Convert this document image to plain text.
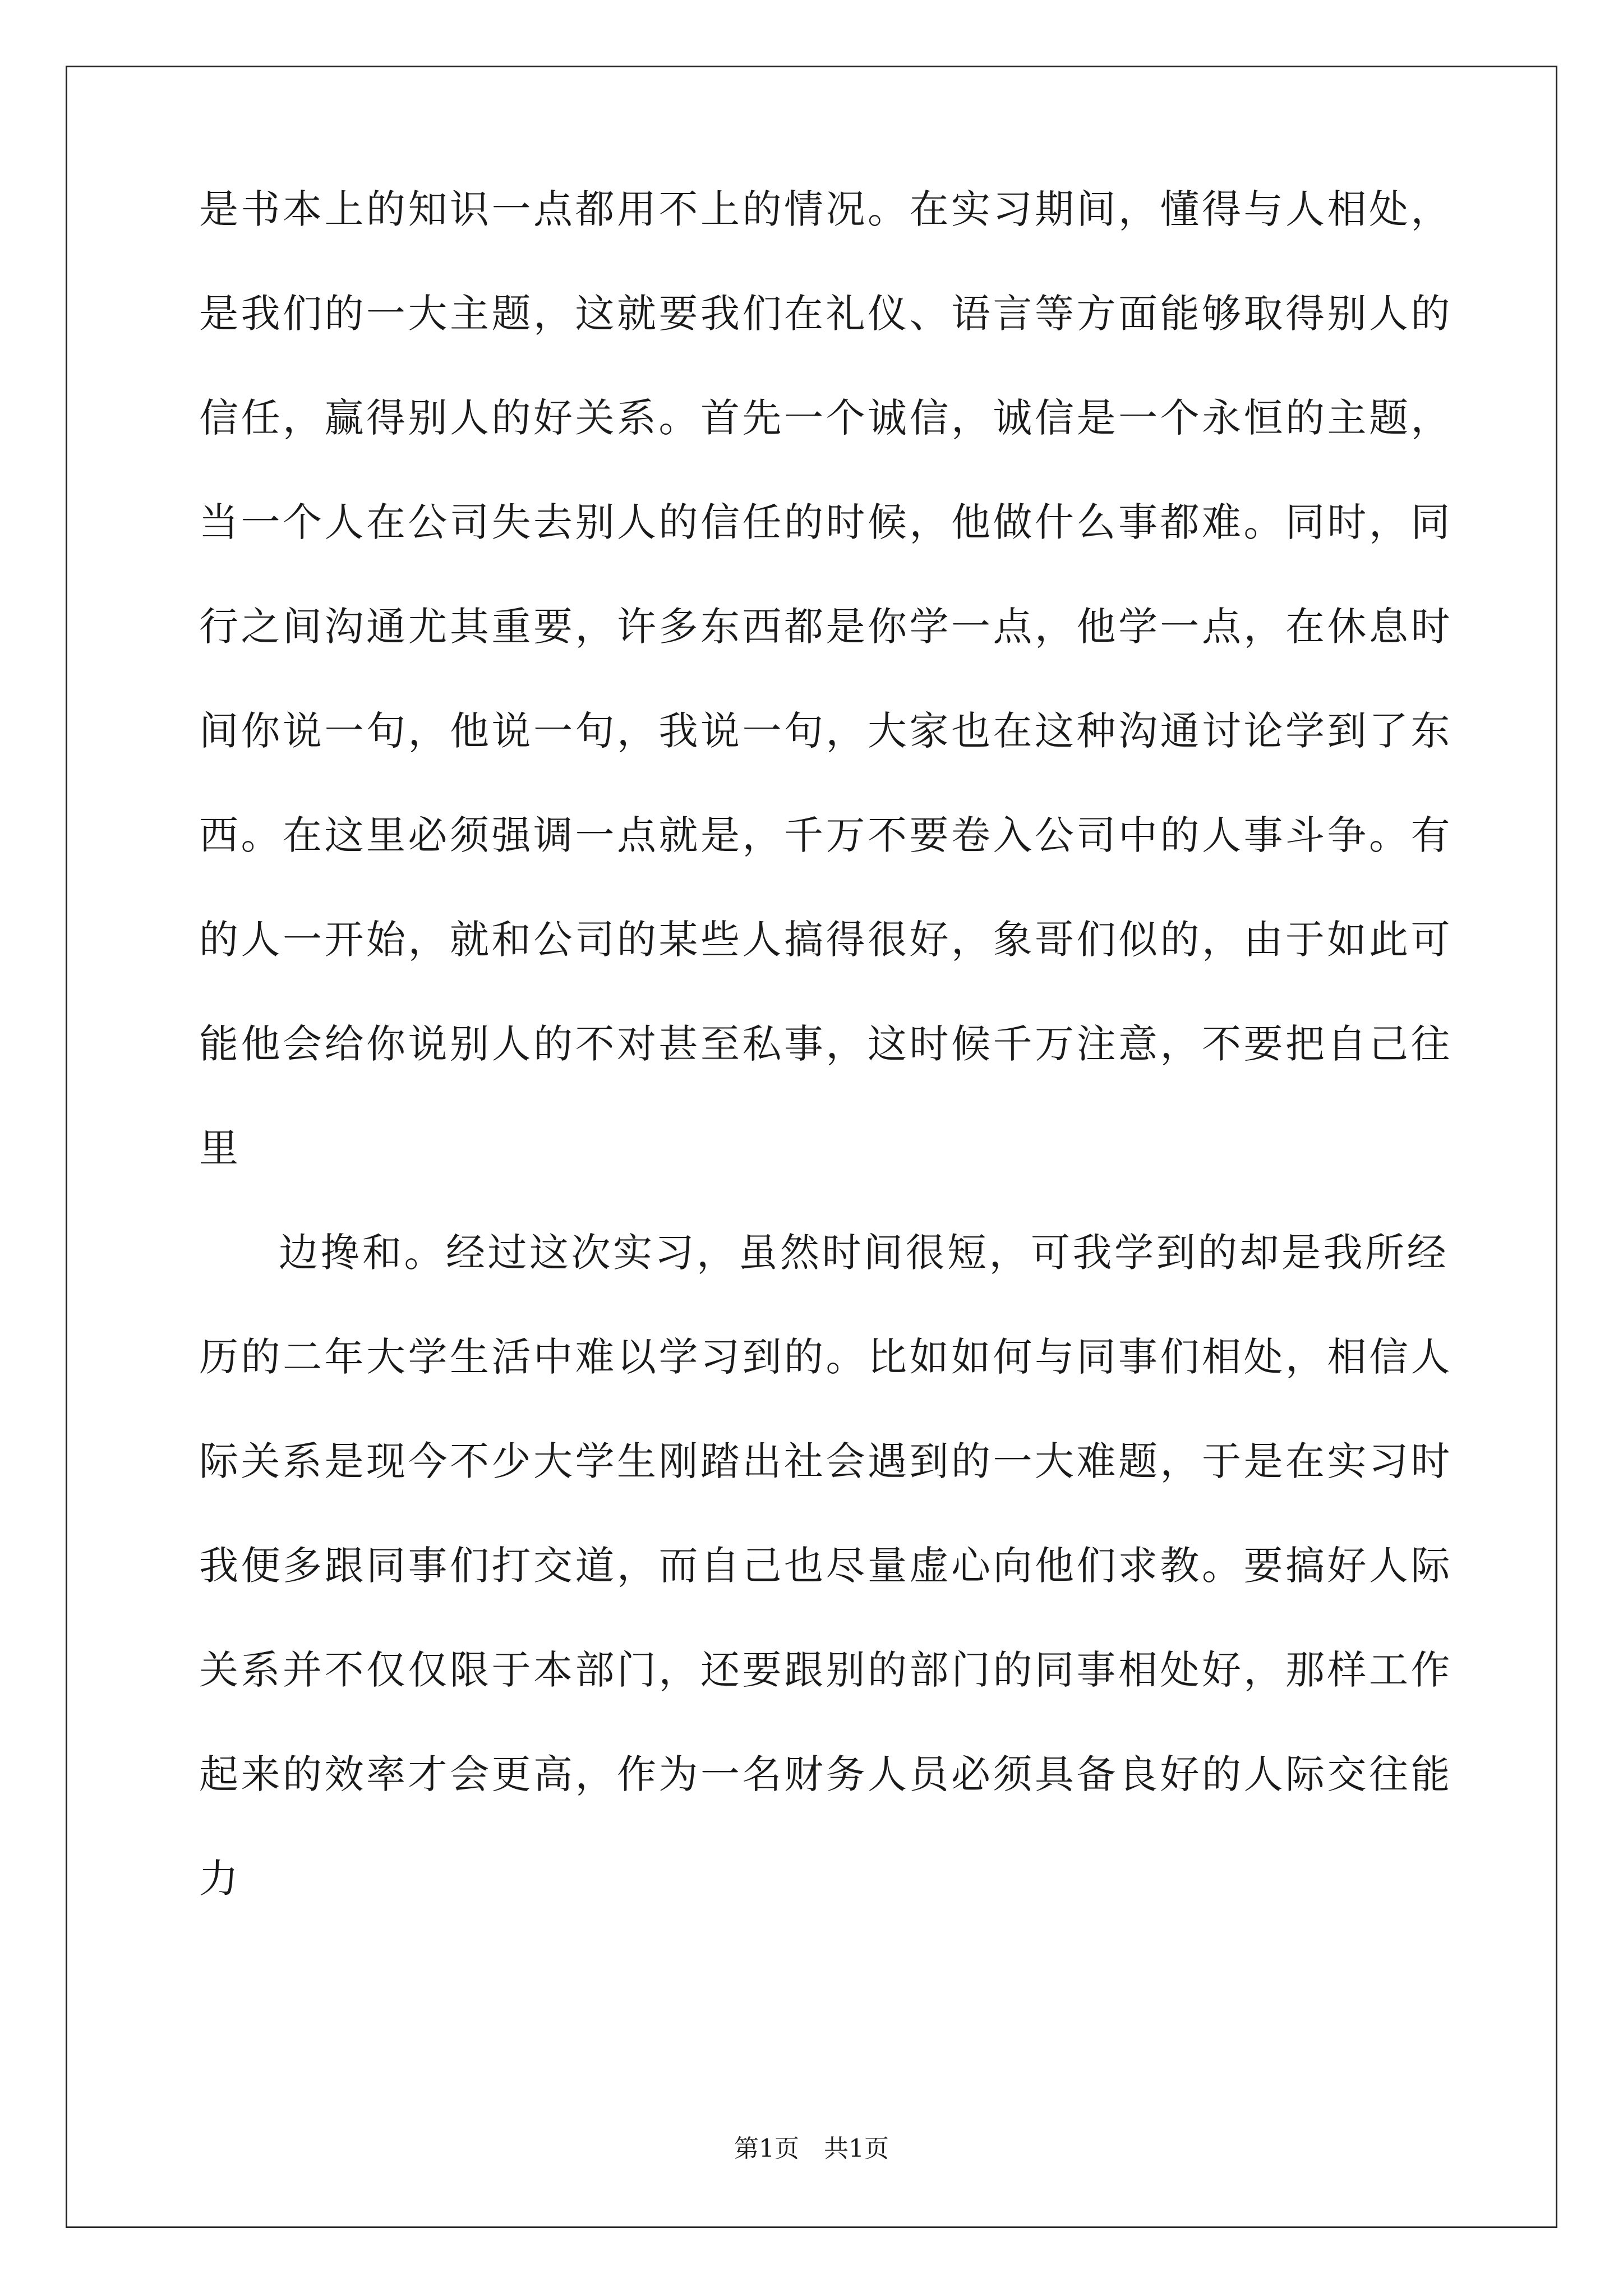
是书本上的知识一点都用不上的情况。在实习期间，懂得与人相处，

是我们的一大主题，这就要我们在礼仪、语言等方面能够取得别人的

信任，赢得别人的好关系。首先一个诚信，诚信是一个永恒的主题，

当一个人在公司失去别人的信任的时候，他做什么事都难。同时，同

行之间沟通尤其重要，许多东西都是你学一点，他学一点，在休息时

间你说一句，他说一句，我说一句，大家也在这种沟通讨论学到了东

西。在这里必须强调一点就是，千万不要卷入公司中的人事斗争。有

的人一开始，就和公司的某些人搞得很好，象哥们似的，由于如此可

能他会给你说别人的不对甚至私事，这时候千万注意，不要把自己往

里

边搀和。经过这次实习，虽然时间很短，可我学到的却是我所经

历的二年大学生活中难以学习到的。比如如何与同事们相处，相信人

际关系是现今不少大学生刚踏出社会遇到的一大难题，于是在实习时

我便多跟同事们打交道，而自己也尽量虚心向他们求教。要搞好人际

关系并不仅仅限于本部门，还要跟别的部门的同事相处好，那样工作

起来的效率才会更高，作为一名财务人员必须具备良好的人际交往能

力

第1页　共1页
